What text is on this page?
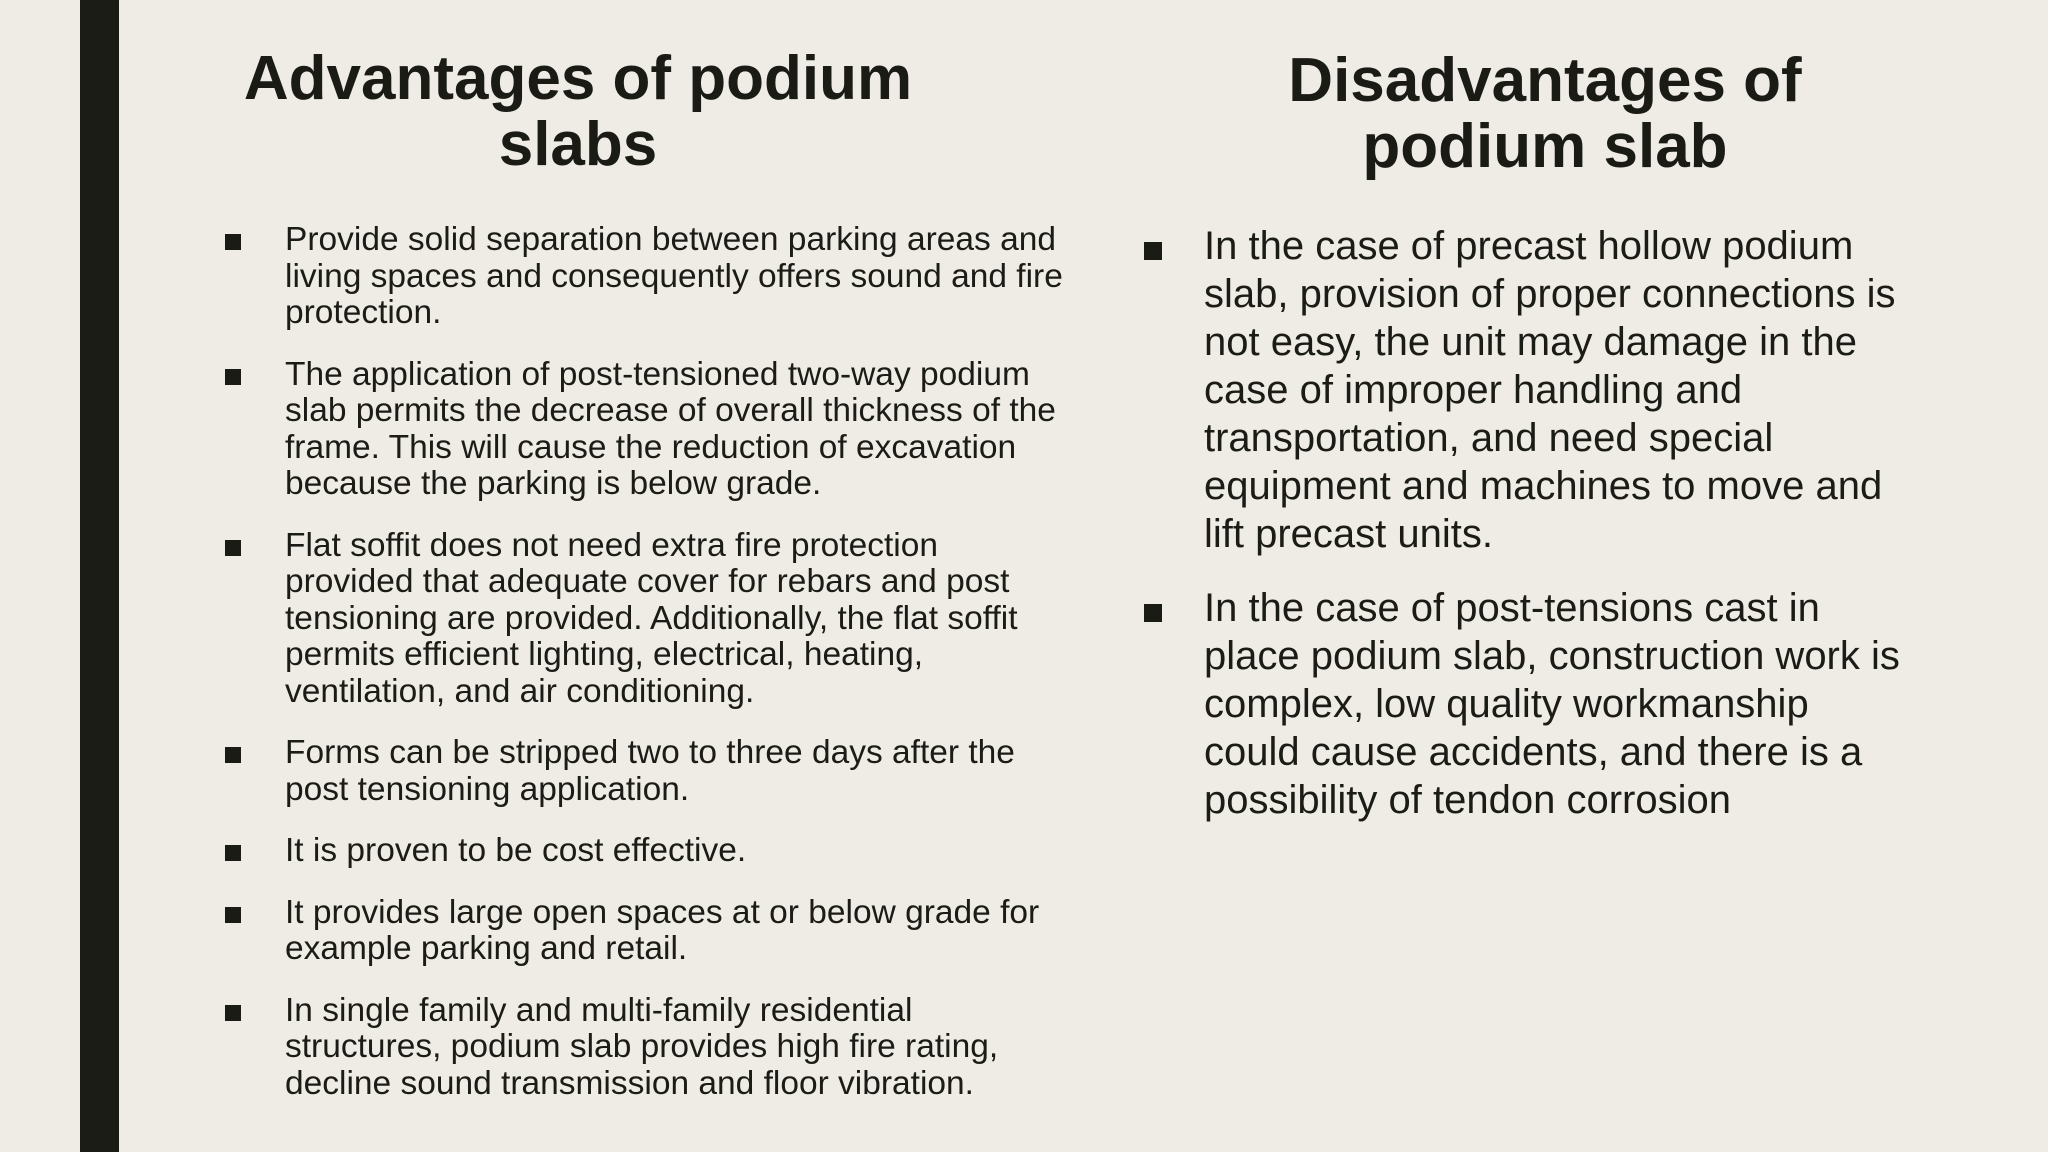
Advantages of podium slabs
Provide solid separation between parking areas and living spaces and consequently offers sound and fire protection.
The application of post-tensioned two-way podium slab permits the decrease of overall thickness of the frame. This will cause the reduction of excavation because the parking is below grade.
Flat soffit does not need extra fire protection provided that adequate cover for rebars and post tensioning are provided. Additionally, the flat soffit permits efficient lighting, electrical, heating, ventilation, and air conditioning.
Forms can be stripped two to three days after the post tensioning application.
It is proven to be cost effective.
It provides large open spaces at or below grade for example parking and retail.
In single family and multi-family residential structures, podium slab provides high fire rating, decline sound transmission and floor vibration.
Disadvantages of podium slab
In the case of precast hollow podium slab, provision of proper connections is not easy, the unit may damage in the case of improper handling and transportation, and need special equipment and machines to move and lift precast units.
In the case of post-tensions cast in place podium slab, construction work is complex, low quality workmanship could cause accidents, and there is a possibility of tendon corrosion
